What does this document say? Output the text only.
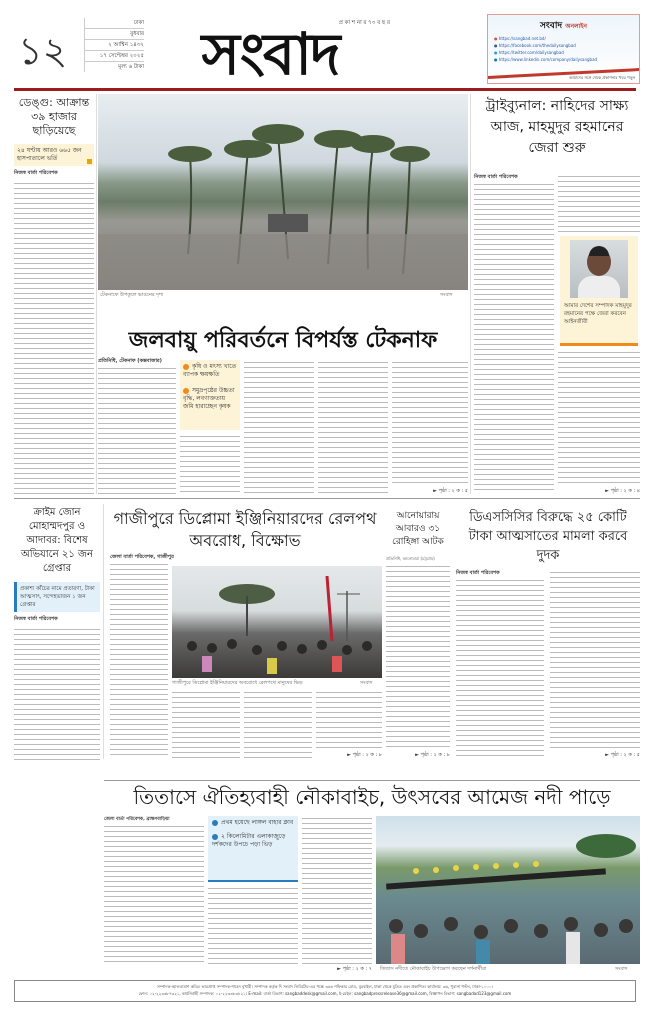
১২
ঢাকা
বুধবার
২ আশ্বিন ১৪৩২
১৭ সেপ্টেম্বর ২০২৫
মূল্য ৬ টাকা
প্র কা শ না র ৭৩ ব ছ র
সংবাদ	সংবাদ অনলাইন
● https://sangbad.net.bd/
● https://facebook.com/thedailysangbad
● https://twitter.com/dailysangbad
● https://www.linkedin.com/company/dailysangbad
আমাদের সঙ্গে থেকে প্রকাশনার খবর পড়ুন
ডেঙ্গু: আক্রান্ত ৩৯ হাজার ছাড়িয়েছে
২৪ ঘণ্টায় আরও ৬৬৫ জন হাসপাতালে ভর্তি
নিজস্ব বার্তা পরিবেশক
টেকনাফে উপকূলে ভাঙনের দৃশ্য	সংবাদ
জলবায়ু পরিবর্তনে বিপর্যস্ত টেকনাফ
প্রতিনিধি, টেকনাফ (কক্সবাজার)
কৃষি ও মৎস্য খাতে ব্যাপক ক্ষয়ক্ষতি
সমুদ্রপৃষ্ঠের উচ্চতা বৃদ্ধি, লবণাক্ততায় জমি হারাচ্ছেন কৃষক
► পৃষ্ঠা : ২ ক : ৫
ট্রাইব্যুনাল: নাহিদের সাক্ষ্য আজ, মাহমুদুর রহমানের জেরা শুরু
নিজস্ব বার্তা পরিবেশক
আমার দেশের সম্পাদক মাহমুদুর রহমানের পক্ষে জেরা করবেন আইনজীবী
► পৃষ্ঠা : ২ ক : ৪
ক্রাইম জোন মোহাম্মদপুর ও আদাবর: বিশেষ অভিযানে ২১ জন গ্রেপ্তার
প্রকাশ্য কাঁচের নামে প্রতারণা, টাকা আত্মসাৎ, সন্দেহভাজন ১ জন গ্রেপ্তার
নিজস্ব বার্তা পরিবেশক
গাজীপুরে ডিপ্লোমা ইঞ্জিনিয়ারদের রেলপথ অবরোধ, বিক্ষোভ
জেলা বার্তা পরিবেশক, গাজীপুর
গাজীপুরে ডিপ্লোমা ইঞ্জিনিয়ারদের অবরোধে রেলপথে মানুষের ভিড়	সংবাদ
► পৃষ্ঠা : ২ ক : ৮
আনোয়ারায় আবারও ৩১ রোহিঙ্গা আটক
প্রতিনিধি, আনোয়ারা (চট্টগ্রাম)
► পৃষ্ঠা : ২ ক : ৮
ডিএসসিসির বিরুদ্ধে ২৫ কোটি টাকা আত্মসাতের মামলা করবে দুদক
নিজস্ব বার্তা পরিবেশক
► পৃষ্ঠা : ২ ক : ৫
তিতাসে ঐতিহ্যবাহী নৌকাবাইচ, উৎসবের আমেজ নদী পাড়ে
জেলা বার্তা পরিবেশক, ব্রাহ্মণবাড়িয়া	প্রথম হয়েছে লাঙ্গল বাহার ক্লাব
২ কিলোমিটার এলাকাজুড়ে দর্শকদের উপচে পড়া ভিড়
তিতাস নদীতে নৌকাবাইচ উপভোগ করছেন দর্শনার্থীরা	সংবাদ
► পৃষ্ঠা : ২ ক : ৭
সম্পাদক-আলতামাশ কবির। ভারপ্রাপ্ত সম্পাদক-শাহেদ বুখারী। সম্পাদক কর্তৃক দি সংবাদ লিমিটেড-এর পক্ষে ৩৬৪ শফিকার রোড, বুরবাইল, ঢাকা থেকে মুদ্রিত এবং প্রকাশিত। কার্যালয়: ৩৬, পুরানা পল্টন, ঢাকা-১০০০।
ফোন: ০২-২২৩৩৮৭৩২১, কার্যনির্বাহী সম্পাদক: ০২-২২৩৩৮৩৮২১। E-mail: বার্তা বিভাগ: sangbaddesk@gmail.com, ই-মেইল: sangbadpressrelease36@gmail.com, বিজ্ঞাপন বিভাগ: sangbadad123@gmail.com
